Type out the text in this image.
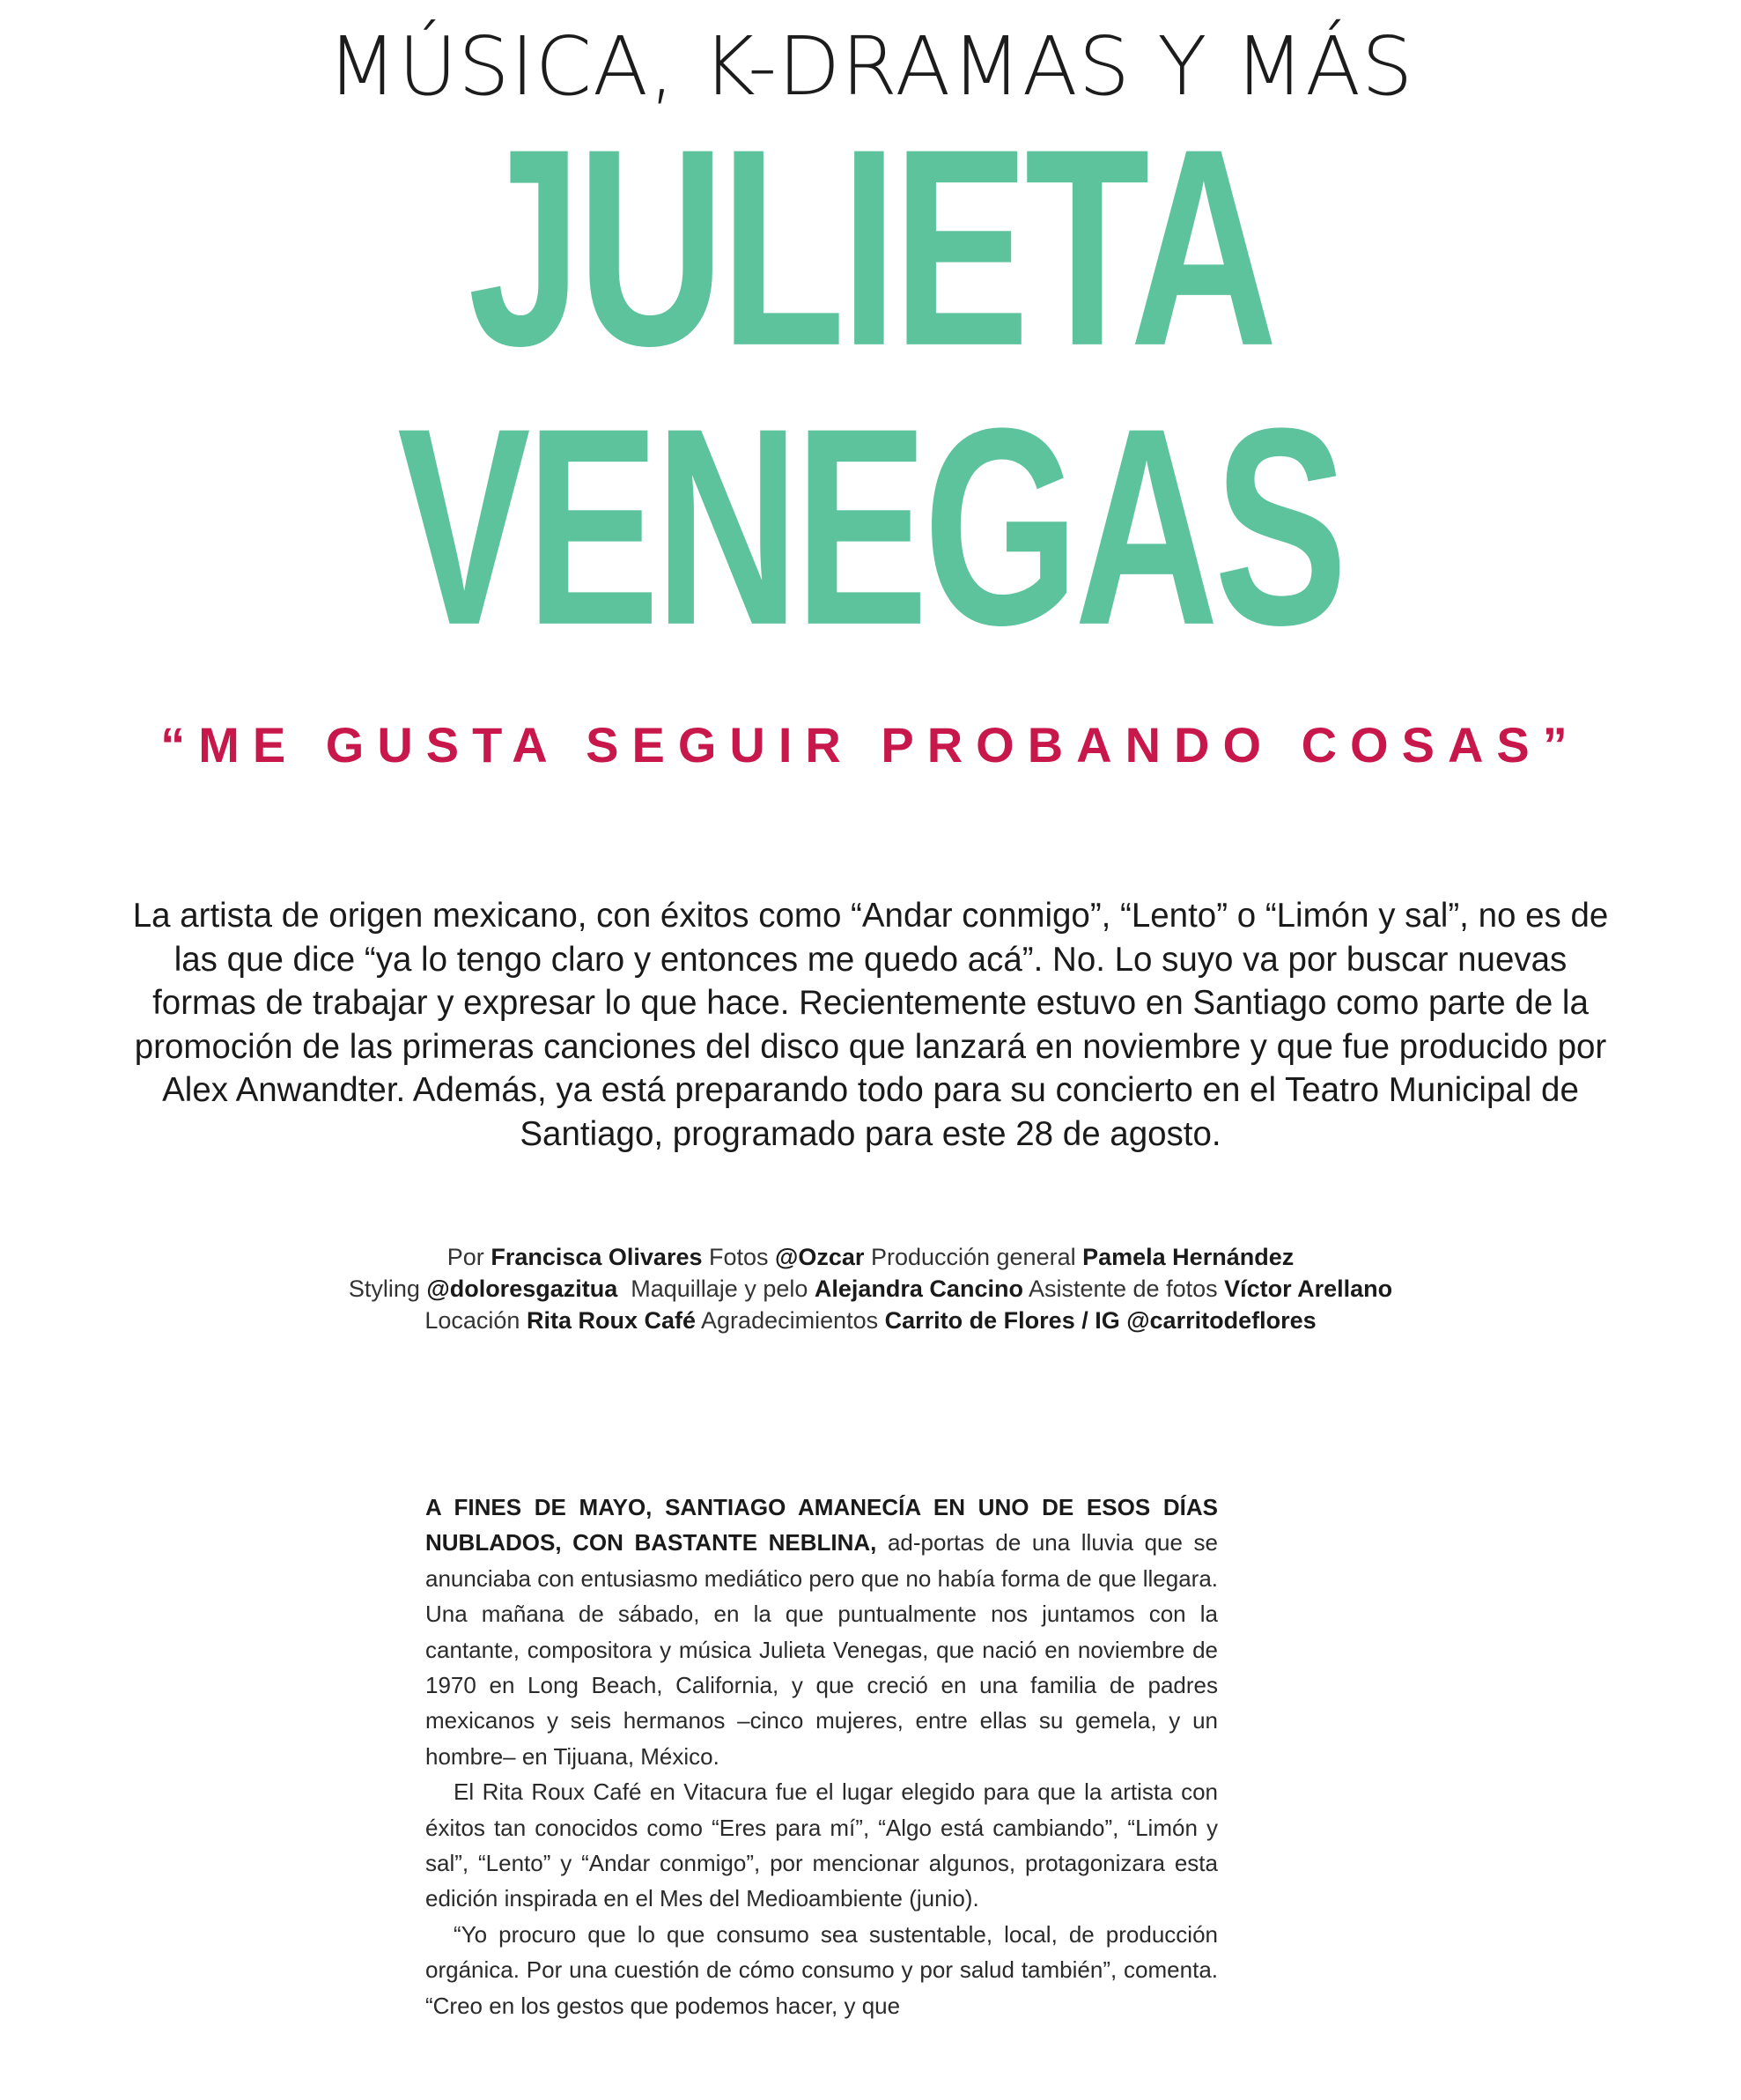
MÚSICA, K-DRAMAS Y MÁS
JULIETA
VENEGAS
“ME GUSTA SEGUIR PROBANDO COSAS”
La artista de origen mexicano, con éxitos como “Andar conmigo”, “Lento” o “Limón y sal”, no es de las que dice “ya lo tengo claro y entonces me quedo acá”. No. Lo suyo va por buscar nuevas formas de trabajar y expresar lo que hace. Recientemente estuvo en Santiago como parte de la promoción de las primeras canciones del disco que lanzará en noviembre y que fue producido por Alex Anwandter. Además, ya está preparando todo para su concierto en el Teatro Municipal de Santiago, programado para este 28 de agosto.
Por Francisca Olivares Fotos @Ozcar Producción general Pamela Hernández
Styling @doloresgazitua Maquillaje y pelo Alejandra Cancino Asistente de fotos Víctor Arellano
Locación Rita Roux Café Agradecimientos Carrito de Flores / IG @carritodeflores

A FINES DE MAYO, SANTIAGO AMANECÍA EN UNO DE ESOS DÍAS NUBLADOS, CON BASTANTE NEBLINA, ad-portas de una lluvia que se anunciaba con entusiasmo mediático pero que no había forma de que llegara. Una mañana de sábado, en la que puntualmente nos juntamos con la cantante, compositora y música Julieta Venegas, que nació en noviembre de 1970 en Long Beach, California, y que creció en una familia de padres mexicanos y seis hermanos –cinco mujeres, entre ellas su gemela, y un hombre– en Tijuana, México.

El Rita Roux Café en Vitacura fue el lugar elegido para que la artista con éxitos tan conocidos como “Eres para mí”, “Algo está cambiando”, “Limón y sal”, “Lento” y “Andar conmigo”, por mencionar algunos, protagonizara esta edición inspirada en el Mes del Medioambiente (junio).

“Yo procuro que lo que consumo sea sustentable, local, de producción orgánica. Por una cuestión de cómo consumo y por salud también”, comenta. “Creo en los gestos que podemos hacer, y que
